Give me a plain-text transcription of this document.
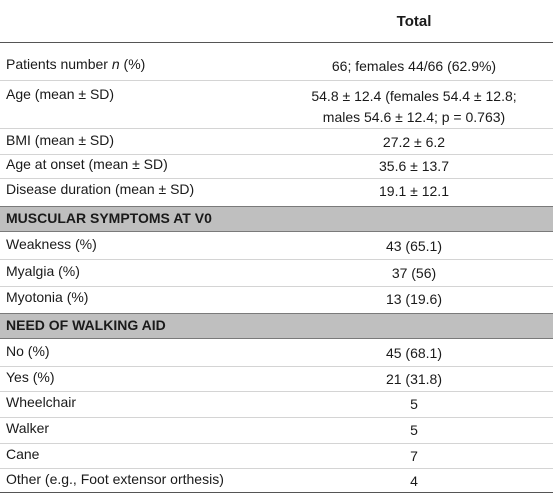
Total
Patients number n (%)	66; females 44/66 (62.9%)
Age (mean ± SD)	54.8 ± 12.4 (females 54.4 ± 12.8;
males 54.6 ± 12.4; p = 0.763)
BMI (mean ± SD)	27.2 ± 6.2
Age at onset (mean ± SD)	35.6 ± 13.7
Disease duration (mean ± SD)	19.1 ± 12.1
MUSCULAR SYMPTOMS AT V0
Weakness (%)	43 (65.1)
Myalgia (%)	37 (56)
Myotonia (%)	13 (19.6)
NEED OF WALKING AID
No (%)	45 (68.1)
Yes (%)	21 (31.8)
Wheelchair	5
Walker	5
Cane	7
Other (e.g., Foot extensor orthesis)	4
